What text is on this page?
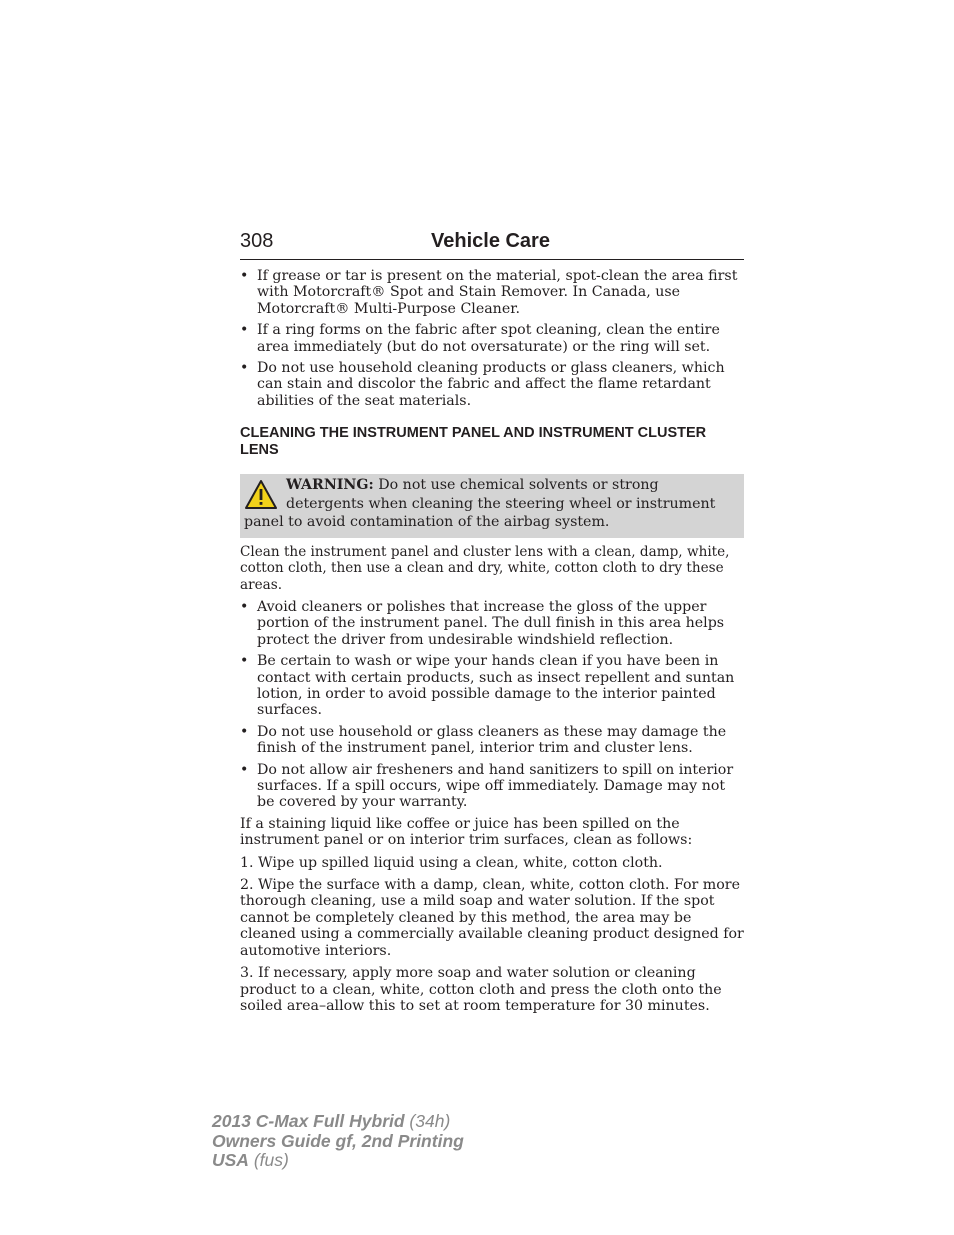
308	Vehicle Care
• If grease or tar is present on the material, spot-clean the area first with Motorcraft® Spot and Stain Remover. In Canada, use Motorcraft® Multi-Purpose Cleaner.
• If a ring forms on the fabric after spot cleaning, clean the entire area immediately (but do not oversaturate) or the ring will set.
• Do not use household cleaning products or glass cleaners, which can stain and discolor the fabric and affect the flame retardant abilities of the seat materials.
CLEANING THE INSTRUMENT PANEL AND INSTRUMENT CLUSTER LENS
WARNING: Do not use chemical solvents or strong detergents when cleaning the steering wheel or instrument panel to avoid contamination of the airbag system.

Clean the instrument panel and cluster lens with a clean, damp, white, cotton cloth, then use a clean and dry, white, cotton cloth to dry these areas.

• Avoid cleaners or polishes that increase the gloss of the upper portion of the instrument panel. The dull finish in this area helps protect the driver from undesirable windshield reflection.
• Be certain to wash or wipe your hands clean if you have been in contact with certain products, such as insect repellent and suntan lotion, in order to avoid possible damage to the interior painted surfaces.
• Do not use household or glass cleaners as these may damage the finish of the instrument panel, interior trim and cluster lens.
• Do not allow air fresheners and hand sanitizers to spill on interior surfaces. If a spill occurs, wipe off immediately. Damage may not be covered by your warranty.

If a staining liquid like coffee or juice has been spilled on the instrument panel or on interior trim surfaces, clean as follows:

1. Wipe up spilled liquid using a clean, white, cotton cloth.

2. Wipe the surface with a damp, clean, white, cotton cloth. For more thorough cleaning, use a mild soap and water solution. If the spot cannot be completely cleaned by this method, the area may be cleaned using a commercially available cleaning product designed for automotive interiors.

3. If necessary, apply more soap and water solution or cleaning product to a clean, white, cotton cloth and press the cloth onto the soiled area–allow this to set at room temperature for 30 minutes.

2013 C-Max Full Hybrid (34h)
Owners Guide gf, 2nd Printing
USA (fus)
